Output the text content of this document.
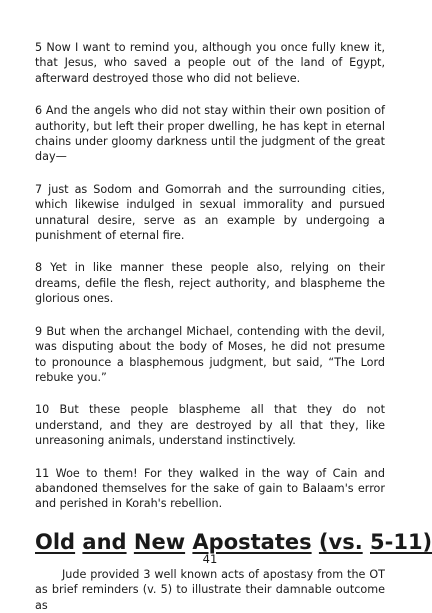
5 Now I want to remind you, although you once fully knew it, that Jesus, who saved a people out of the land of Egypt, afterward destroyed those who did not believe.

6 And the angels who did not stay within their own position of authority, but left their proper dwelling, he has kept in eternal chains under gloomy darkness until the judgment of the great day—

7 just as Sodom and Gomorrah and the surrounding cities, which likewise indulged in sexual immorality and pursued unnatural desire, serve as an example by undergoing a punishment of eternal fire.

8 Yet in like manner these people also, relying on their dreams, defile the flesh, reject authority, and blaspheme the glorious ones.

9 But when the archangel Michael, contending with the devil, was disputing about the body of Moses, he did not presume to pronounce a blasphemous judgment, but said, “The Lord rebuke you.”

10 But these people blaspheme all that they do not understand, and they are destroyed by all that they, like unreasoning animals, understand instinctively.

11 Woe to them! For they walked in the way of Cain and abandoned themselves for the sake of gain to Balaam's error and perished in Korah's rebellion.

Old and New Apostates (vs. 5-11)

Jude provided 3 well known acts of apostasy from the OT as brief reminders (v. 5) to illustrate their damnable outcome as

41
